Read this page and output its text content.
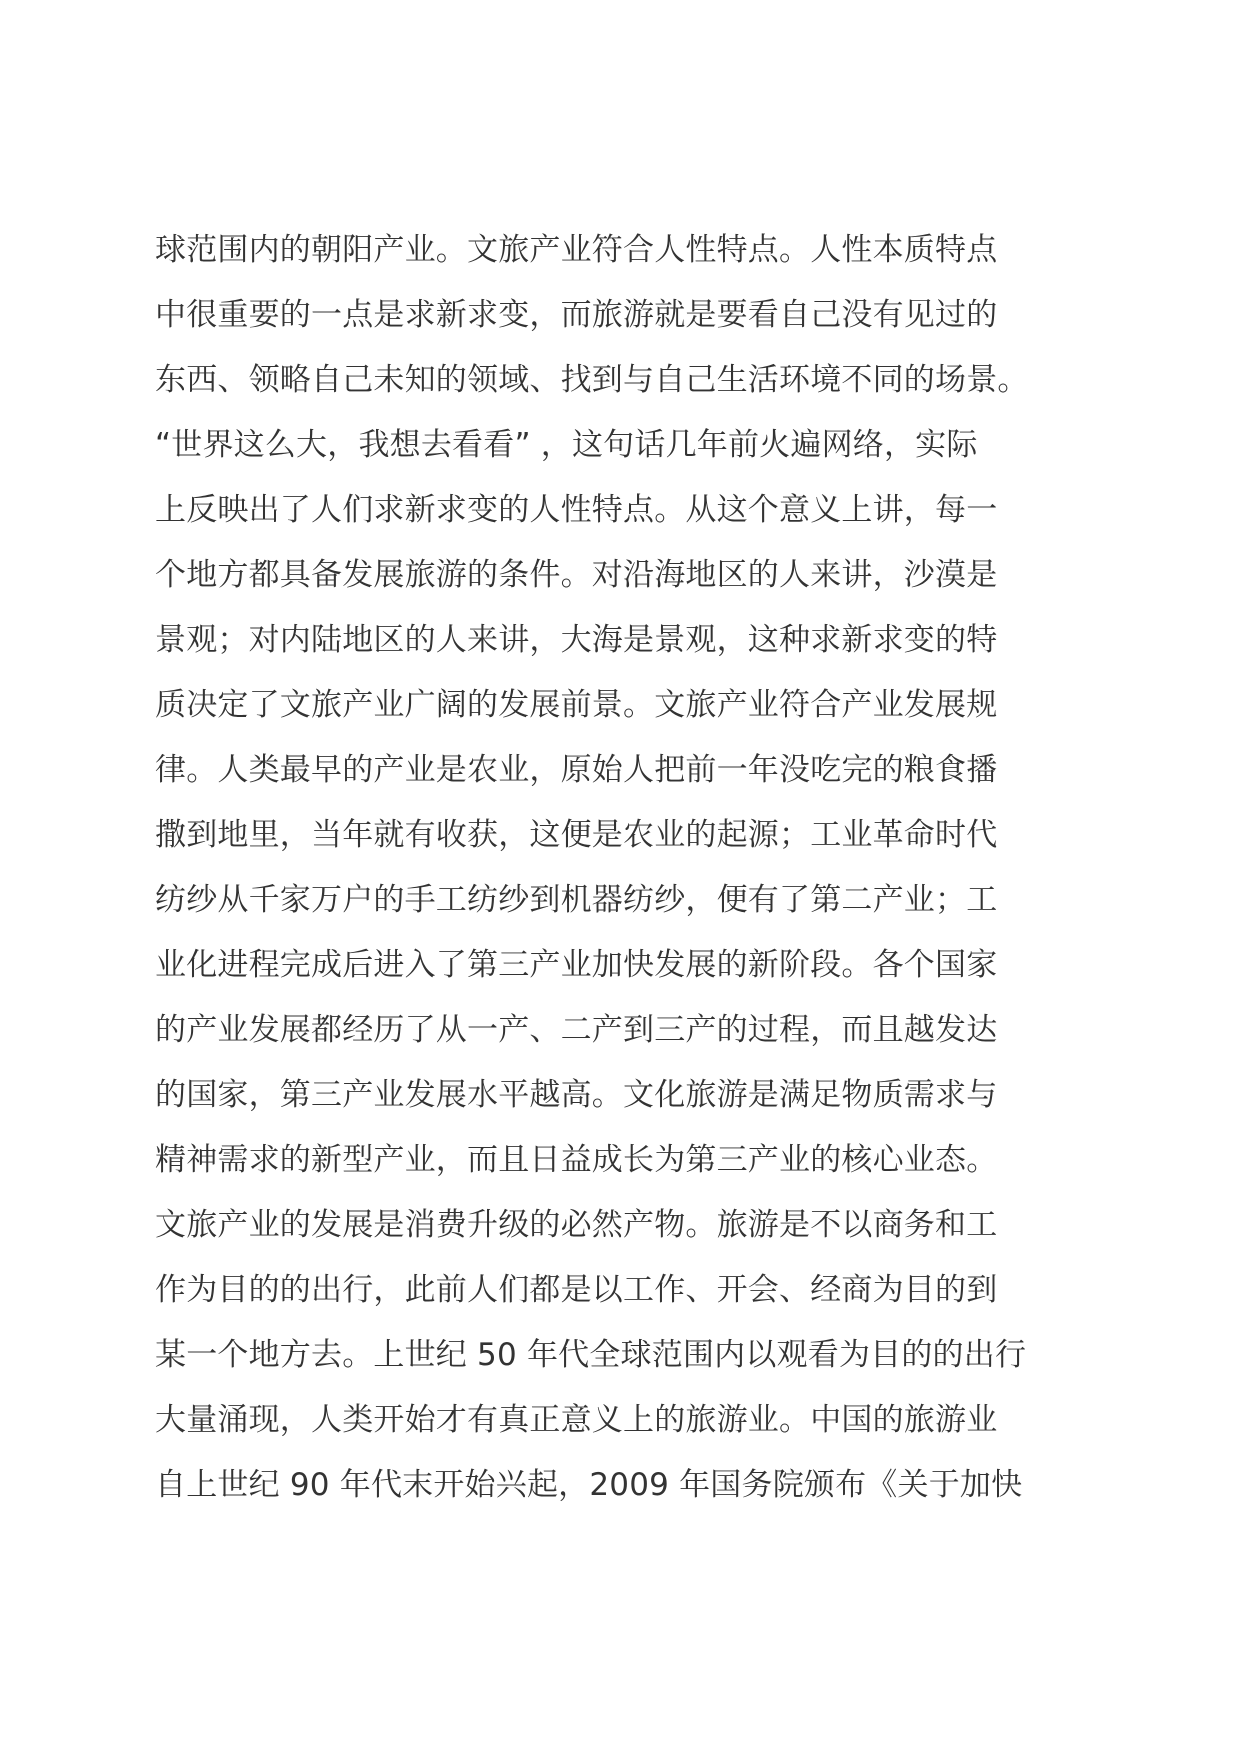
球范围内的朝阳产业。文旅产业符合人性特点。人性本质特点
中很重要的一点是求新求变，而旅游就是要看自己没有见过的
东西、领略自己未知的领域、找到与自己生活环境不同的场景。
“世界这么大，我想去看看” ，这句话几年前火遍网络，实际
上反映出了人们求新求变的人性特点。从这个意义上讲，每一
个地方都具备发展旅游的条件。对沿海地区的人来讲，沙漠是
景观；对内陆地区的人来讲，大海是景观，这种求新求变的特
质决定了文旅产业广阔的发展前景。文旅产业符合产业发展规
律。人类最早的产业是农业，原始人把前一年没吃完的粮食播
撒到地里，当年就有收获，这便是农业的起源；工业革命时代
纺纱从千家万户的手工纺纱到机器纺纱，便有了第二产业；工
业化进程完成后进入了第三产业加快发展的新阶段。各个国家
的产业发展都经历了从一产、二产到三产的过程，而且越发达
的国家，第三产业发展水平越高。文化旅游是满足物质需求与
精神需求的新型产业，而且日益成长为第三产业的核心业态。
文旅产业的发展是消费升级的必然产物。旅游是不以商务和工
作为目的的出行，此前人们都是以工作、开会、经商为目的到
某一个地方去。上世纪 50 年代全球范围内以观看为目的的出行
大量涌现，人类开始才有真正意义上的旅游业。中国的旅游业
自上世纪 90 年代末开始兴起，2009 年国务院颁布《关于加快
